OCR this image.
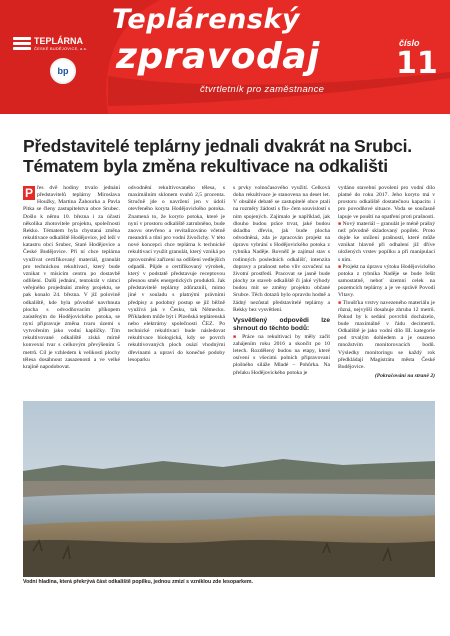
TEPLÁRNA
ČESKÉ BUDĚJOVICE, a.s.
bp
Teplárenský
zpravodaj
čtvrtletník pro zaměstnance
číslo
11
Představitelé teplárny jednali dvakrát na Srubci. Tématem byla změna rekultivace na odkališti
P řes dvě hodiny trvalo jednání představitelů teplárny Miroslava Houžky, Martina Žahourka a Pavla Pitka se členy zastupitelstva obce Srubec. Došlo k němu 10. března i za účasti několika zhotovitele projektu, společnosti Rekko. Tématem byla chystaná změna rekultivace odkaliště Hodějovice, jež leží v katastru obcí Srubec, Staré Hodějovice a České Budějovice. Při ní chce teplárna využívat certifikovaný materiál, granulát pro technickou rekultivaci, který bude vznikat v mísicím centru po dostavbě odlišení. Další jednání, tentokrát v rámci veřejného projednání změny projektu, se pak konalo 24. března. V již polovině odkaliště, kde byla původně navrhnuta plocha s odvodňovacím příkopem zaústěným do Hodějovického potoka, se nyní připravuje změna tvaru území s vytvořením jako vodní kaplíčky. Tím rekultivované odkaliště získá mírně konvexní tvar s celkovým převýšením 5 metrů. Cíl je vzhledem k velikosti plochy tělesa dosáhnout zasazenosti a ve velké krajině napodobovat.
odvodnění rekultivovaného tělesa, s maximálním sklonem svahů 2,5 procenta. Stručně jde o navržení jen v údolí otevřeného koryta Hodějovického potoka. Znamená to, že koryto potoka, které je nyní v prostoru odkaliště zatrubněno, bude znovu otevřeno a revitalizováno včetně meandrů a tůní pro vodní živočichy. V této nové koncepci chce teplárna k technické rekultivaci využít granulát, který vzniká po zprovoznění zařízení na odlišení vedlejších odpadů. Půjde o certifikovaný výrobek, který v podstatě představuje receptovou přesnou směs energetických produktů. Jak představitelé teplárny zdůraznili, mimo jiné v souladu s platnými právními předpisy a podobný postup se již běžně využívá jak v Česku, tak Německu. Příkladem může být i Plzeňská teplárenská nebo elektrárny společnosti ČEZ. Po technické rekultivaci bude následovat rekultivace biologická, kdy se povrch rekultivovaných ploch osází vhodnými dřevinami a upraví do konečné podoby lesoparku
s prvky volnočasového využití. Celková doba rekultivace je stanovena na deset let. V obsáhlé debatě se zastupitelé obce ptali na rozměry žádostí s flu- čem souvislostí s ním spojených. Zajímalo je například, jak dlouho budou práce trvat, jaké budou skladba dřevin, jak bude plocha odvodněná, zda je zpracován projekt na úpravu vybrání s Hodějovického potoka z rybníka Naděje. Rovněž je zajímal stav s rodinných posledních odkališť, intenzita dopravy a prašnost nebo vliv ozvučení na životní prostředí. Pracovat se jasně bude plochy ze staveb odkaliště či jaké výhody budou mít se změny projektu občané Srubce. Těch dotazů bylo opravdu hodně a žádný nezůstal představitelé teplárny a Rekky bez vysvětlení.
Vysvětlený odpovědi lze shrnout do těchto bodů:
■ Práce na rekultivaci by měly začít zahájením roku 2016 a skončit po 10 letech. Rozdělený budou na etapy, které osívení s všecimi polních připravovaní plošného siláže Mladé – Pohůrka. Na přelaku Hodějovického potoka je
vydáno stavební povolení pro vodní dílo platné do roku 2017. Jeho koryto má v prostoru odkaliště dostatečnou kapacitu i pro povodňové situace. Voda se současně lapuje ve pouští na opatření proti prašnosti.
■ Nový materiál – granulát je méně prašný než původně skladovaný popílek. Proto dojde ke snížení prašnosti, které může vznikat hlavně při odhalení již dříve uložených vrstev popílku a při manipulaci s ním.
■ Projekt na úpravu výtoku Hodějovického potoka z rybníka Naděje se bude řešit samostatně, neboť územní celek na pozemcích teplárny a je ve správě Povodí Vltavy.
■ Tloušťka vrstvy navezeného materiálu je různá, nejvyšší dosahuje zhruba 12 metrů. Pokud by k sedání povrchů docházelo, bude maximálně v řádu decimetrů. Odkaliště je jako vodní dílo III. kategorie pod trvalým dohledem a je osazeno množstvím monitorovacích bodů. Výsledky monitoringu se každý rok předkládají Magistrátu města České Budějovice.
(Pokračování na straně 2)
Vodní hladina, která překrývá část odkaliště popílku, jednou zmizí s vzniklou zde lesoparkem.
